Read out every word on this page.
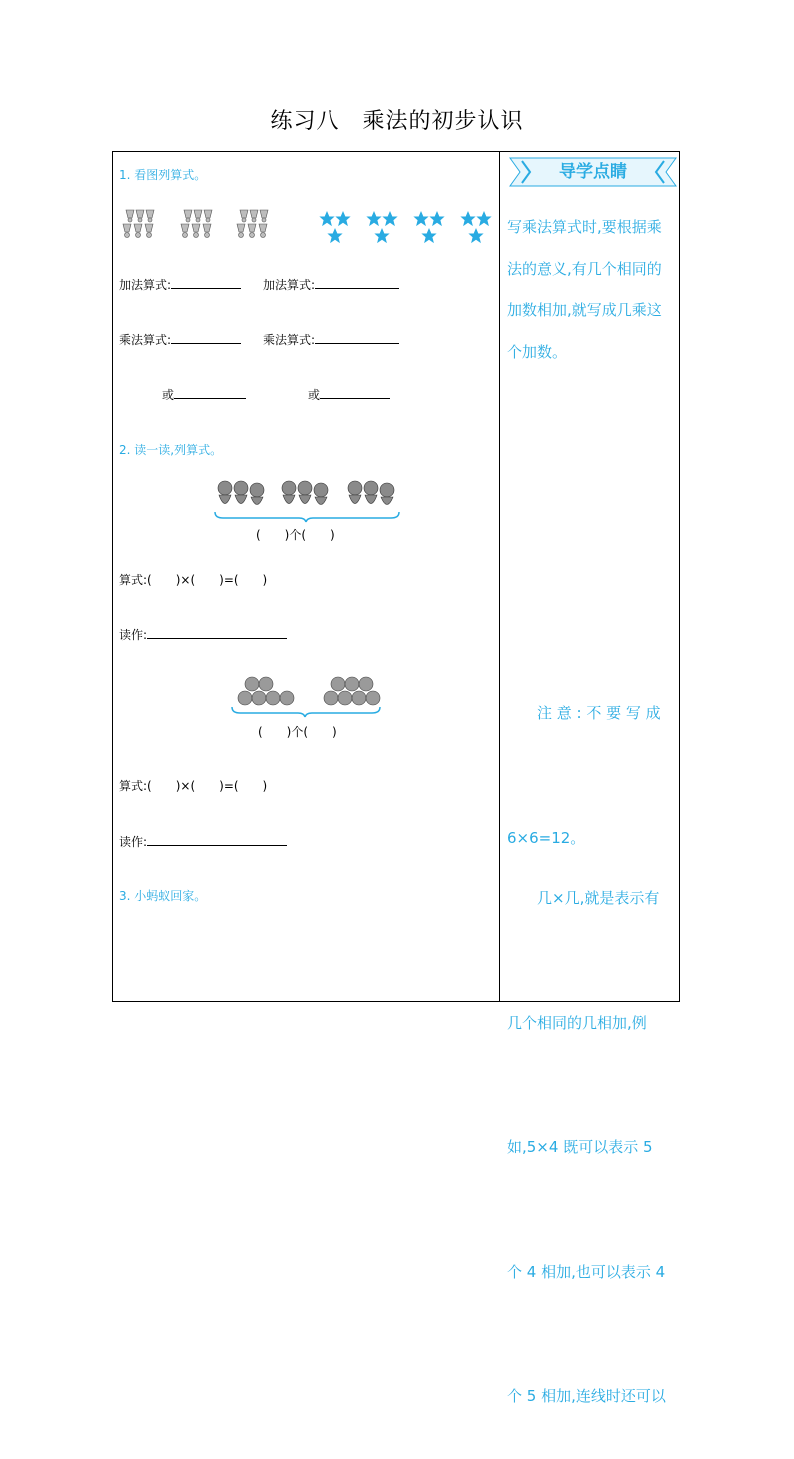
练习八　乘法的初步认识
1. 看图列算式。
加法算式:	加法算式:
乘法算式:	乘法算式:
或	或
2. 读一读,列算式。
(　　)个(　　)
算式:(　　)×(　　)=(　　)
读作:
(　　)个(　　)
算式:(　　)×(　　)=(　　)
读作:
3. 小蚂蚁回家。
导学点睛
写乘法算式时,要根据乘
法的意义,有几个相同的
加数相加,就写成几乘这
个加数。

　　注 意 : 不 要 写 成

6×6=12。

　　几×几,就是表示有

几个相同的几相加,例

如,5×4 既可以表示 5

个 4 相加,也可以表示 4

个 5 相加,连线时还可以
